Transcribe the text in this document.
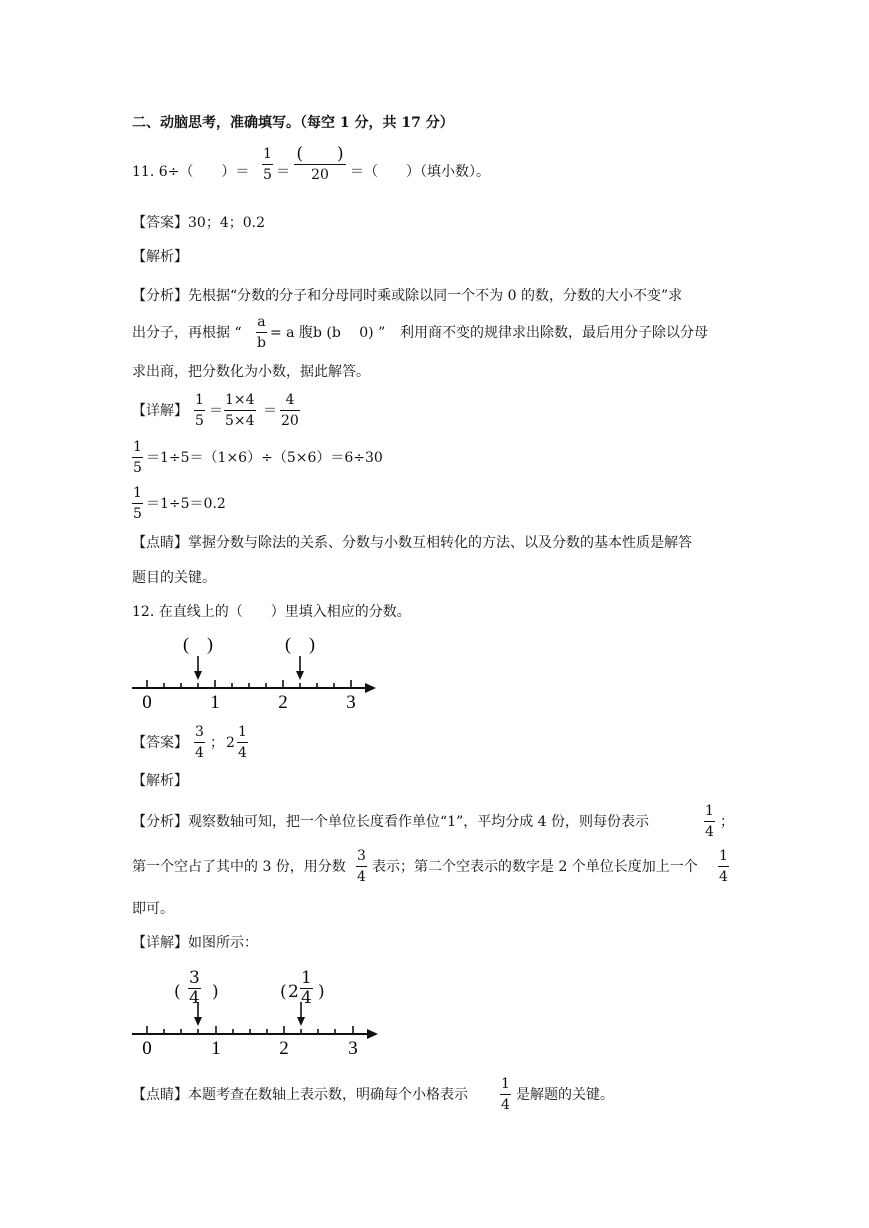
二、动脑思考，准确填写。（每空 1 分，共 17 分）
11. 6÷（　　）＝
1
5 ＝
(　　)
20	＝（　　）（填小数）。
【答案】30；4；0.2
【解析】
【分析】先根据“分数的分子和分母同时乘或除以同一个不为 0 的数，分数的大小不变”求
出分子，再根据 “
a
b
= a 腹b (b　 0) ” 利用商不变的规律求出除数，最后用分子除以分母
求出商，把分数化为小数，据此解答。
【详解】
1
5
＝
1×4
5×4
＝
4
20
1
5
＝1÷5＝（1×6）÷（5×6）＝6÷30
1
5
＝1÷5＝0.2
【点睛】掌握分数与除法的关系、分数与小数互相转化的方法、以及分数的基本性质是解答
题目的关键。
12. 在直线上的（　　）里填入相应的分数。
(　)	(　)
0	1	2	3
【答案】
3
4
； 2
1
4
【解析】
【分析】观察数轴可知，把一个单位长度看作单位“1”，平均分成 4 份，则每份表示
1
4
；
第一个空占了其中的 3 份，用分数
3
4
表示；第二个空表示的数字是 2 个单位长度加上一个
1
4
即可。
【详解】如图所示：
0	1	2	3
(
3
4 )	( 2
1
4 )
【点睛】本题考查在数轴上表示数，明确每个小格表示
1
4
是解题的关键。
